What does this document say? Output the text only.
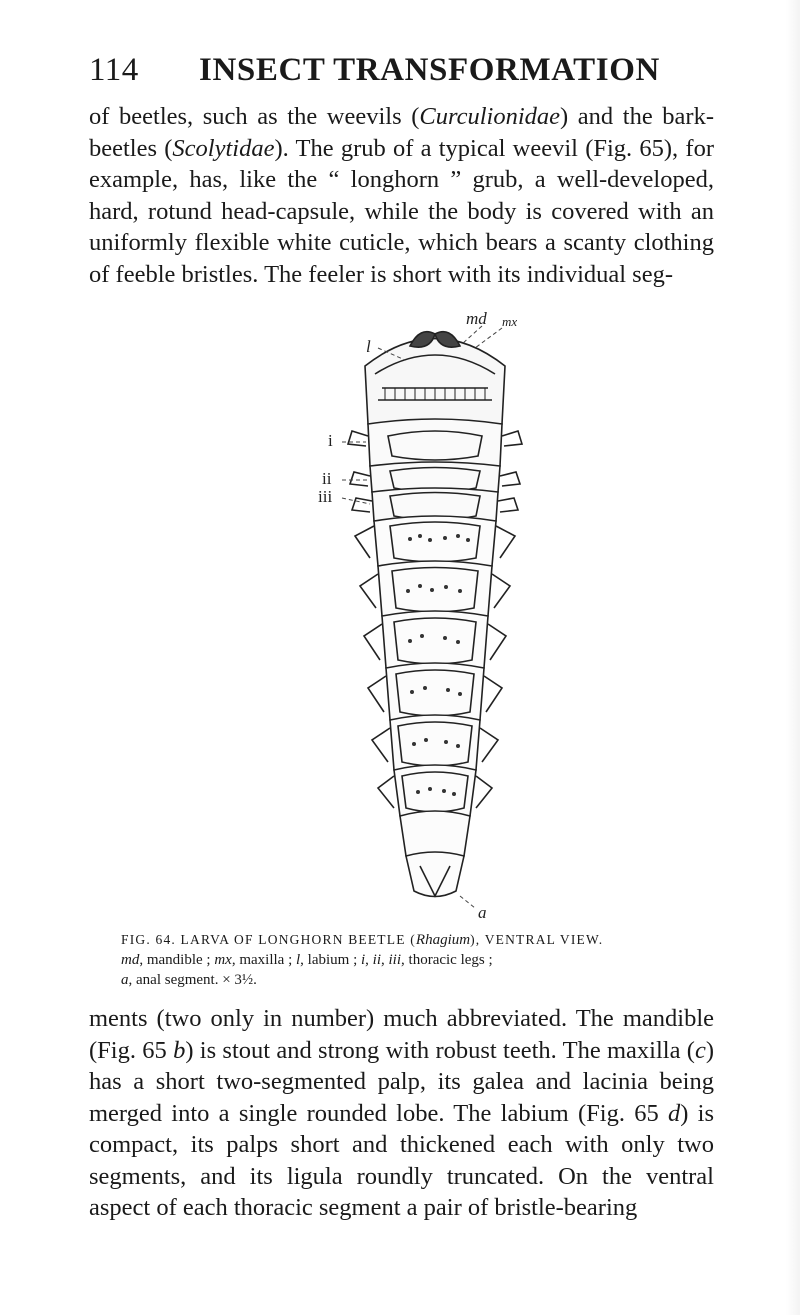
114 INSECT TRANSFORMATION

of beetles, such as the weevils (Curculionidae) and the bark- beetles (Scolytidae). The grub of a typical weevil (Fig. 65), for example, has, like the “ longhorn ” grub, a well-developed, hard, rotund head-capsule, while the body is covered with an uniformly flexible white cuticle, which bears a scanty clothing of feeble bristles. The feeler is short with its individual seg-

l
md mx
i
ii
iii
a

FIG. 64. LARVA OF LONGHORN BEETLE (Rhagium), VENTRAL VIEW.
md, mandible ; mx, maxilla ; l, labium ; i, ii, iii, thoracic legs ;
a, anal segment. × 3½.

ments (two only in number) much abbreviated. The mandible (Fig. 65 b) is stout and strong with robust teeth. The maxilla (c) has a short two-segmented palp, its galea and lacinia being merged into a single rounded lobe. The labium (Fig. 65 d) is compact, its palps short and thickened each with only two segments, and its ligula roundly truncated. On the ventral aspect of each thoracic segment a pair of bristle-bearing
